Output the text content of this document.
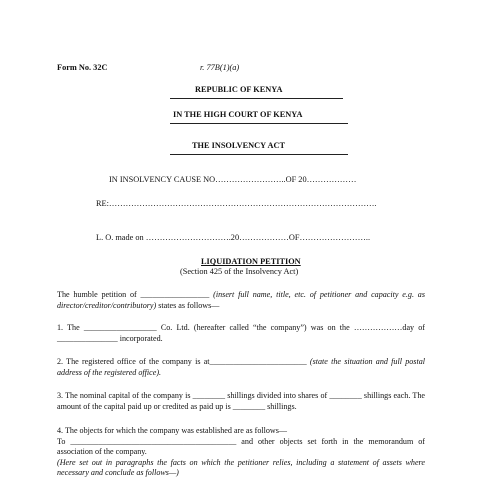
Form No. 32C	r. 77B(1)(a)
REPUBLIC OF KENYA
IN THE HIGH COURT OF KENYA
THE INSOLVENCY ACT
IN INSOLVENCY CAUSE NO……………………..OF 20………………
RE:…………………………………………………………………………………….
L. O. made on ………………………….20………………OF……………………..
LIQUIDATION PETITION
(Section 425 of the Insolvency Act)
The humble petition of _________________ (insert full name, title, etc. of petitioner and capacity e.g. as director/creditor/contributory) states as follows—
1. The __________________ Co. Ltd. (hereafter called “the company”) was on the ………………day of _______________ incorporated.
2. The registered office of the company is at________________________ (state the situation and full postal address of the registered office).
3. The nominal capital of the company is ________ shillings divided into shares of ________ shillings each. The amount of the capital paid up or credited as paid up is ________ shillings.
4. The objects for which the company was established are as follows—
To _________________________________________ and other objects set forth in the memorandum of association of the company.
(Here set out in paragraphs the facts on which the petitioner relies, including a statement of assets where necessary and conclude as follows—)
